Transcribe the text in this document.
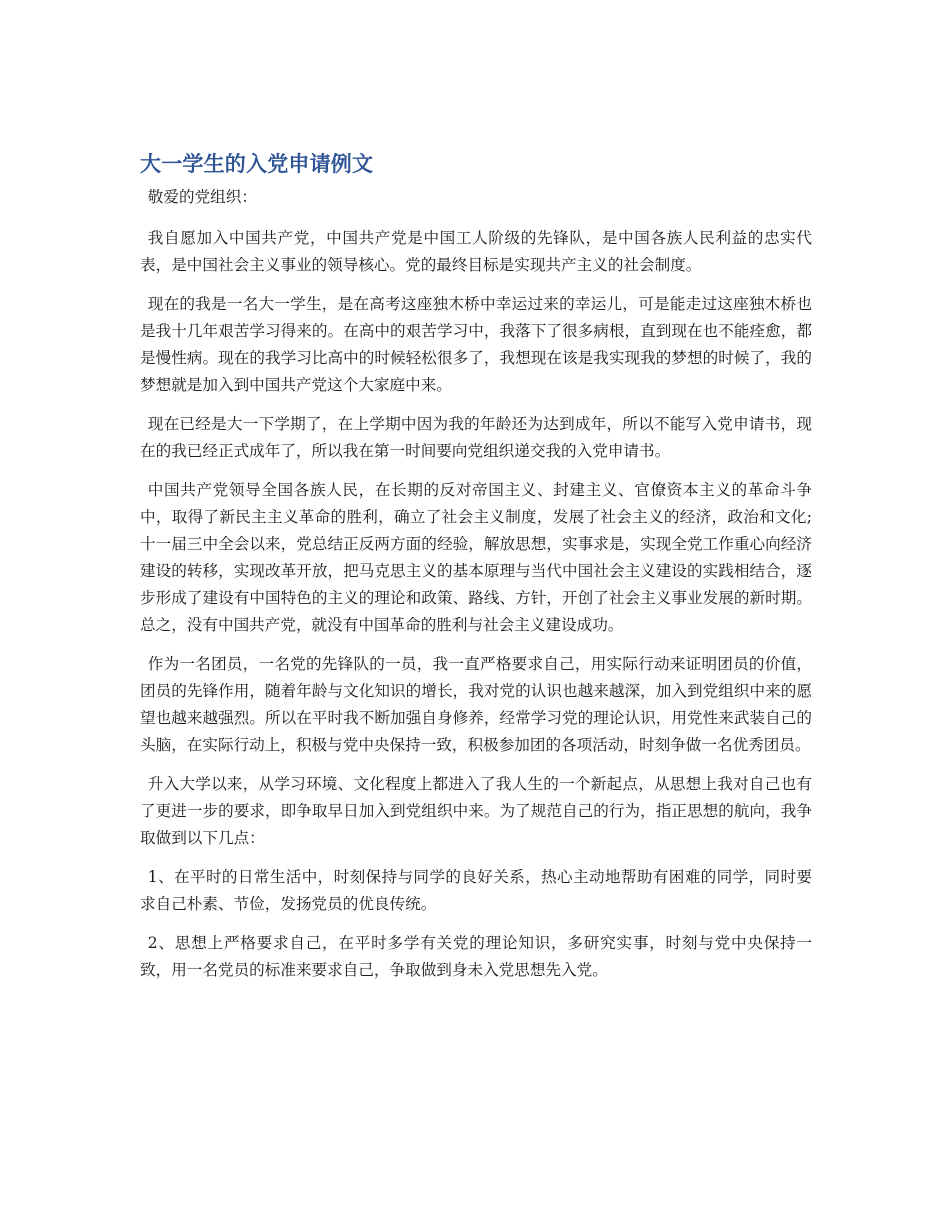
大一学生的入党申请例文

敬爱的党组织：

我自愿加入中国共产党，中国共产党是中国工人阶级的先锋队，是中国各族人民利益的忠实代表，是中国社会主义事业的领导核心。党的最终目标是实现共产主义的社会制度。

现在的我是一名大一学生，是在高考这座独木桥中幸运过来的幸运儿，可是能走过这座独木桥也是我十几年艰苦学习得来的。在高中的艰苦学习中，我落下了很多病根，直到现在也不能痊愈，都是慢性病。现在的我学习比高中的时候轻松很多了，我想现在该是我实现我的梦想的时候了，我的梦想就是加入到中国共产党这个大家庭中来。

现在已经是大一下学期了，在上学期中因为我的年龄还为达到成年，所以不能写入党申请书，现在的我已经正式成年了，所以我在第一时间要向党组织递交我的入党申请书。

中国共产党领导全国各族人民，在长期的反对帝国主义、封建主义、官僚资本主义的革命斗争中，取得了新民主主义革命的胜利，确立了社会主义制度，发展了社会主义的经济，政治和文化;十一届三中全会以来，党总结正反两方面的经验，解放思想，实事求是，实现全党工作重心向经济建设的转移，实现改革开放，把马克思主义的基本原理与当代中国社会主义建设的实践相结合，逐步形成了建设有中国特色的主义的理论和政策、路线、方针，开创了社会主义事业发展的新时期。总之，没有中国共产党，就没有中国革命的胜利与社会主义建设成功。

作为一名团员，一名党的先锋队的一员，我一直严格要求自己，用实际行动来证明团员的价值，团员的先锋作用，随着年龄与文化知识的增长，我对党的认识也越来越深，加入到党组织中来的愿望也越来越强烈。所以在平时我不断加强自身修养，经常学习党的理论认识，用党性来武装自己的头脑，在实际行动上，积极与党中央保持一致，积极参加团的各项活动，时刻争做一名优秀团员。

升入大学以来，从学习环境、文化程度上都进入了我人生的一个新起点，从思想上我对自己也有了更进一步的要求，即争取早日加入到党组织中来。为了规范自己的行为，指正思想的航向，我争取做到以下几点：

1、在平时的日常生活中，时刻保持与同学的良好关系，热心主动地帮助有困难的同学，同时要求自己朴素、节俭，发扬党员的优良传统。

2、思想上严格要求自己，在平时多学有关党的理论知识，多研究实事，时刻与党中央保持一致，用一名党员的标准来要求自己，争取做到身未入党思想先入党。
